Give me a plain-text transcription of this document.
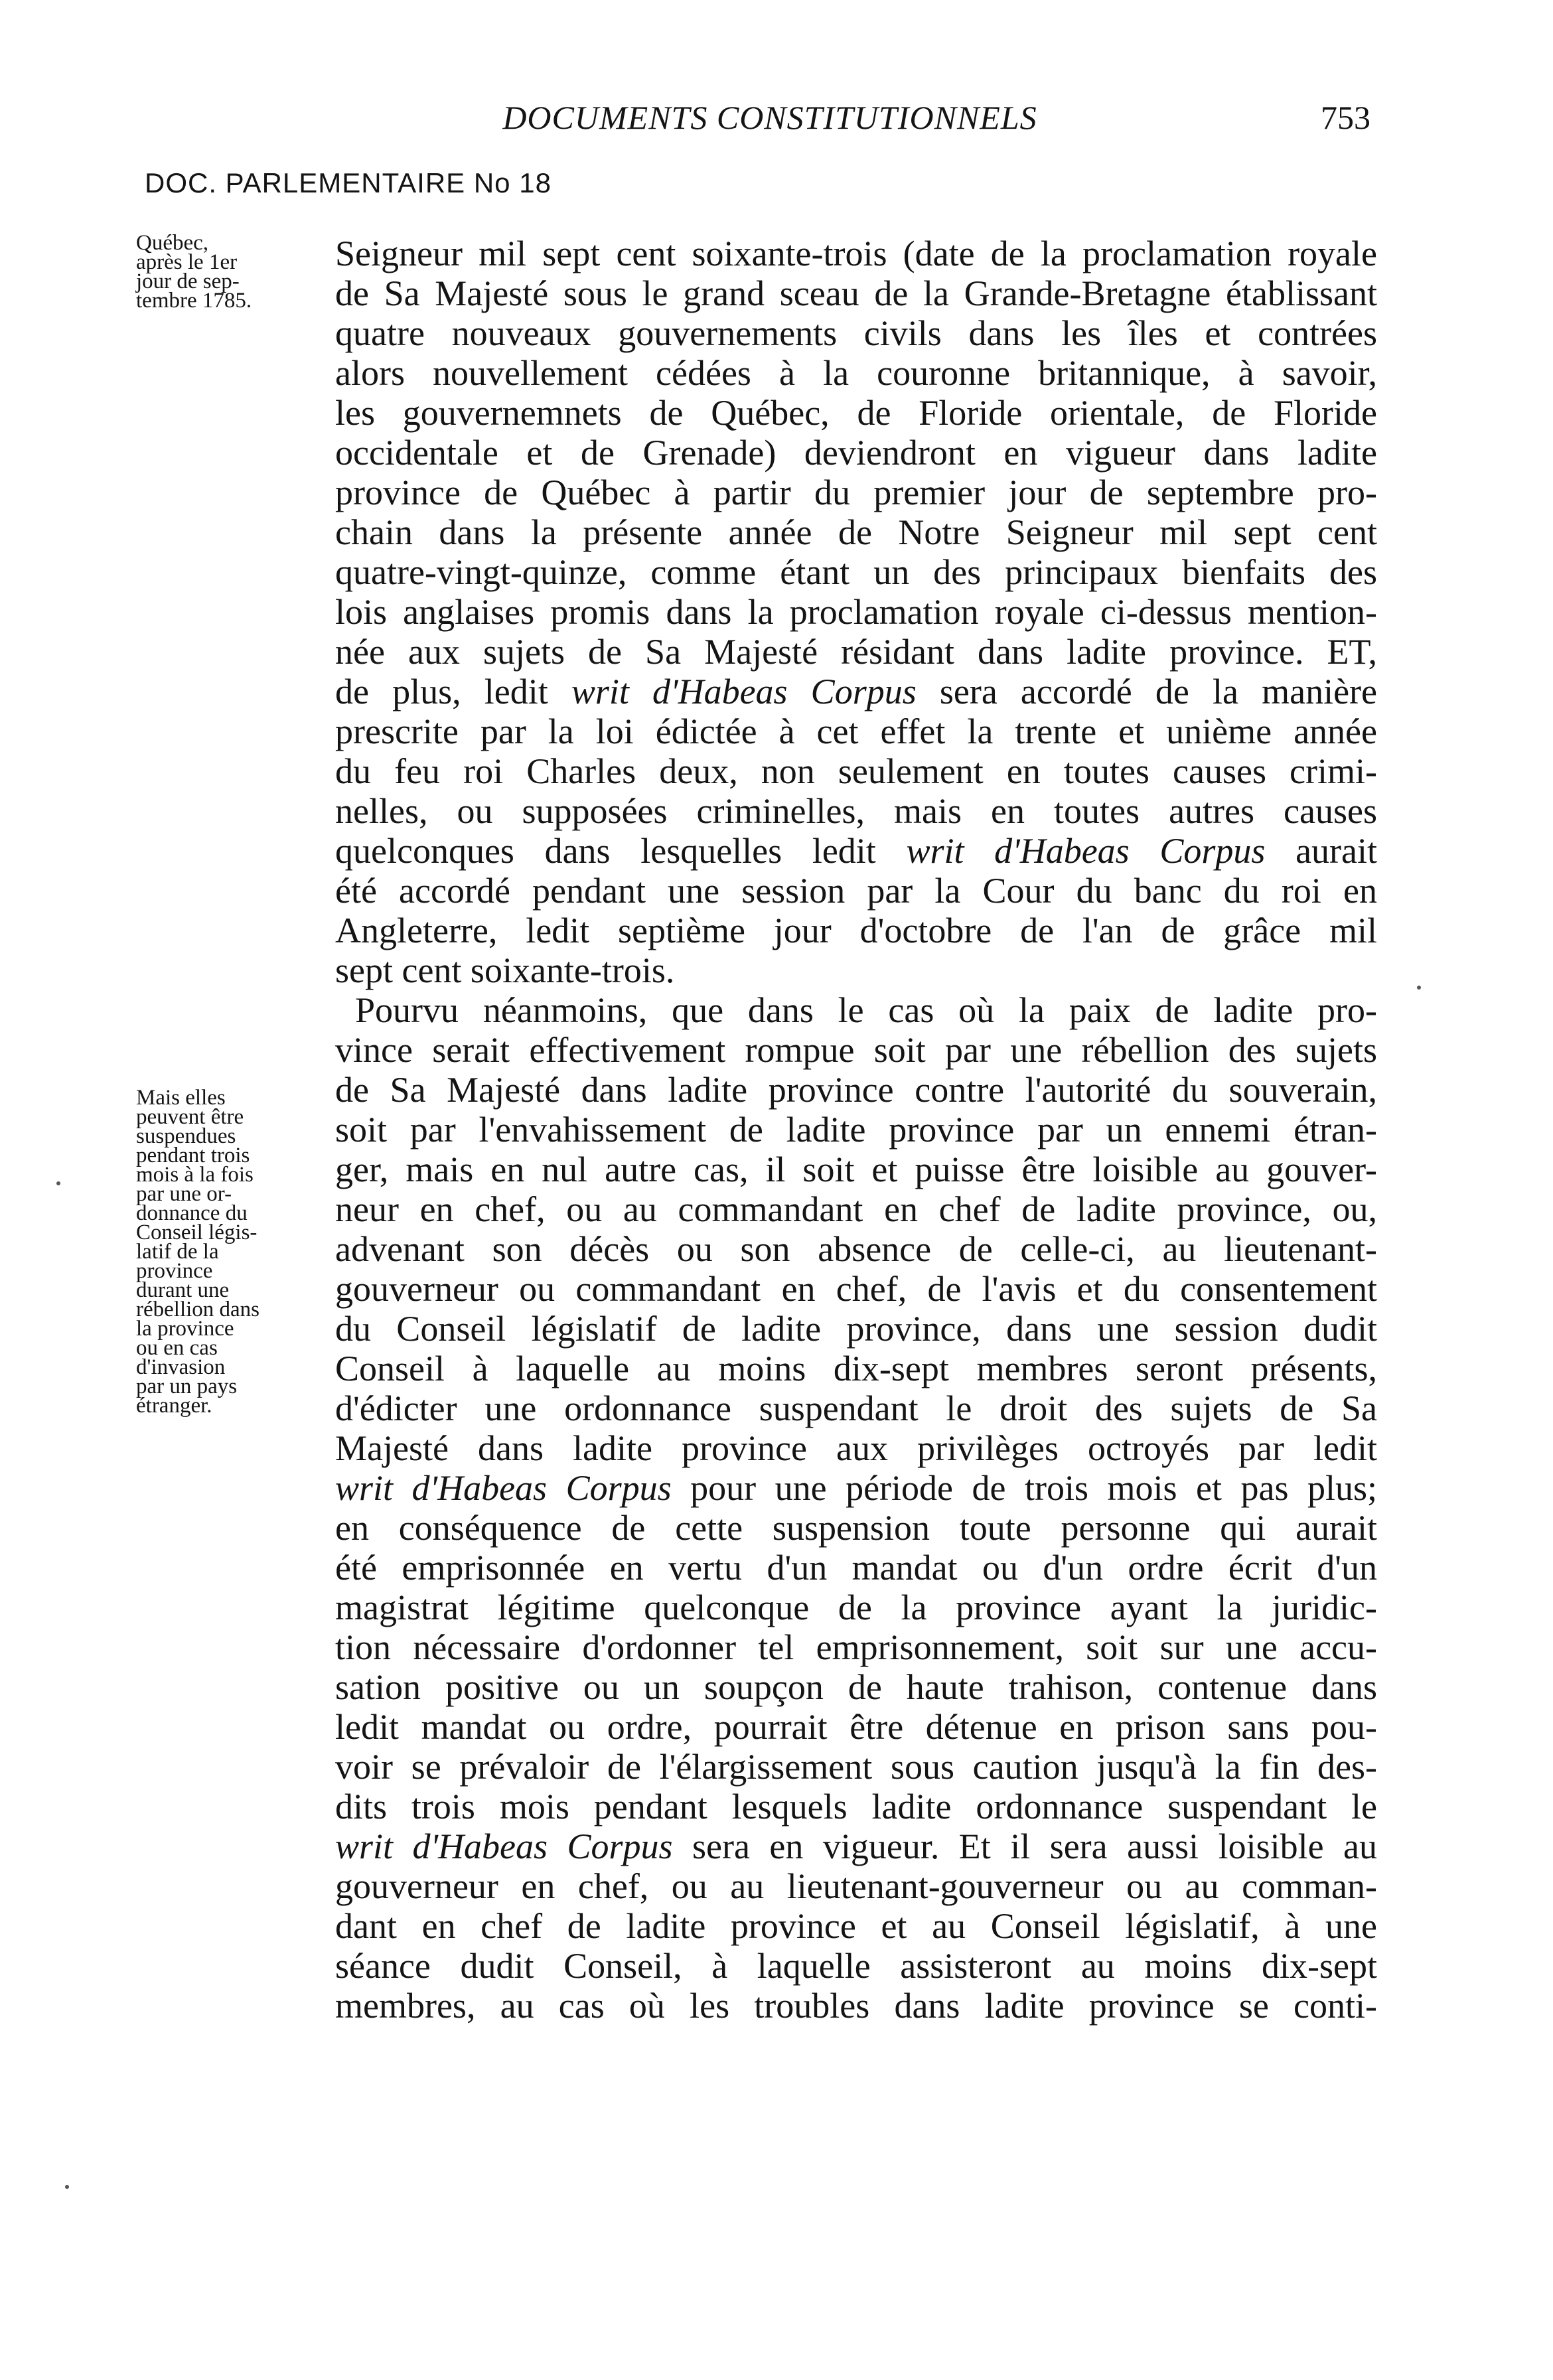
DOCUMENTS CONSTITUTIONNELS	753
DOC. PARLEMENTAIRE No 18
Québec,
après le 1er
jour de sep-
tembre 1785.
Mais elles
peuvent être
suspendues
pendant trois
mois à la fois
par une or-
donnance du
Conseil légis-
latif de la
province
durant une
rébellion dans
la province
ou en cas
d'invasion
par un pays
étranger.
Seigneur mil sept cent soixante-trois (date de la proclamation royale
de Sa Majesté sous le grand sceau de la Grande-Bretagne établissant
quatre nouveaux gouvernements civils dans les îles et contrées
alors nouvellement cédées à la couronne britannique, à savoir,
les gouvernemnets de Québec, de Floride orientale, de Floride
occidentale et de Grenade) deviendront en vigueur dans ladite
province de Québec à partir du premier jour de septembre pro-
chain dans la présente année de Notre Seigneur mil sept cent
quatre-vingt-quinze, comme étant un des principaux bienfaits des
lois anglaises promis dans la proclamation royale ci-dessus mention-
née aux sujets de Sa Majesté résidant dans ladite province. ET,
de plus, ledit writ d'Habeas Corpus sera accordé de la manière
prescrite par la loi édictée à cet effet la trente et unième année
du feu roi Charles deux, non seulement en toutes causes crimi-
nelles, ou supposées criminelles, mais en toutes autres causes
quelconques dans lesquelles ledit writ d'Habeas Corpus aurait
été accordé pendant une session par la Cour du banc du roi en
Angleterre, ledit septième jour d'octobre de l'an de grâce mil
sept cent soixante-trois.
Pourvu néanmoins, que dans le cas où la paix de ladite pro-
vince serait effectivement rompue soit par une rébellion des sujets
de Sa Majesté dans ladite province contre l'autorité du souverain,
soit par l'envahissement de ladite province par un ennemi étran-
ger, mais en nul autre cas, il soit et puisse être loisible au gouver-
neur en chef, ou au commandant en chef de ladite province, ou,
advenant son décès ou son absence de celle-ci, au lieutenant-
gouverneur ou commandant en chef, de l'avis et du consentement
du Conseil législatif de ladite province, dans une session dudit
Conseil à laquelle au moins dix-sept membres seront présents,
d'édicter une ordonnance suspendant le droit des sujets de Sa
Majesté dans ladite province aux privilèges octroyés par ledit
writ d'Habeas Corpus pour une période de trois mois et pas plus;
en conséquence de cette suspension toute personne qui aurait
été emprisonnée en vertu d'un mandat ou d'un ordre écrit d'un
magistrat légitime quelconque de la province ayant la juridic-
tion nécessaire d'ordonner tel emprisonnement, soit sur une accu-
sation positive ou un soupçon de haute trahison, contenue dans
ledit mandat ou ordre, pourrait être détenue en prison sans pou-
voir se prévaloir de l'élargissement sous caution jusqu'à la fin des-
dits trois mois pendant lesquels ladite ordonnance suspendant le
writ d'Habeas Corpus sera en vigueur. Et il sera aussi loisible au
gouverneur en chef, ou au lieutenant-gouverneur ou au comman-
dant en chef de ladite province et au Conseil législatif, à une
séance dudit Conseil, à laquelle assisteront au moins dix-sept
membres, au cas où les troubles dans ladite province se conti-
